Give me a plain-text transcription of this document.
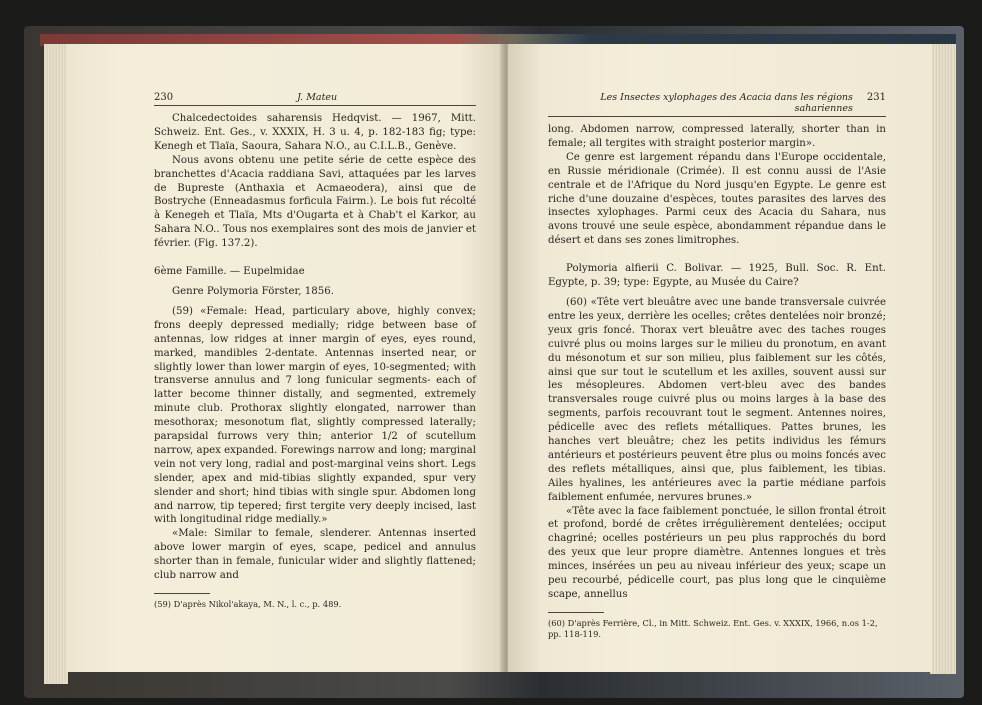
230	J. Mateu

Chalcedectoides saharensis Hedqvist. — 1967, Mitt. Schweiz. Ent. Ges., v. XXXIX, H. 3 u. 4, p. 182-183 fig; type: Kenegh et Tlaïa, Saoura, Sahara N.O., au C.I.L.B., Genève.

Nous avons obtenu une petite série de cette espèce des branchettes d'Acacia raddiana Savi, attaquées par les larves de Bupreste (Anthaxia et Acmaeodera), ainsi que de Bostryche (Enneadasmus forficula Fairm.). Le bois fut récolté à Kenegeh et Tlaïa, Mts d'Ougarta et à Chab't el Karkor, au Sahara N.O.. Tous nos exemplaires sont des mois de janvier et février. (Fig. 137.2).

6ème Famille. — Eupelmidae

Genre Polymoria Förster, 1856.

(59) «Female: Head, particulary above, highly convex; frons deeply depressed medially; ridge between base of antennas, low ridges at inner margin of eyes, eyes round, marked, mandibles 2-dentate. Antennas inserted near, or slightly lower than lower margin of eyes, 10-segmented; with transverse annulus and 7 long funicular segments- each of latter become thinner distally, and segmented, extremely minute club. Prothorax slightly elongated, narrower than mesothorax; mesonotum flat, slightly compressed laterally; parapsidal furrows very thin; anterior 1/2 of scutellum narrow, apex expanded. Forewings narrow and long; marginal vein not very long, radial and post-marginal veins short. Legs slender, apex and mid-tibias slightly expanded, spur very slender and short; hind tibias with single spur. Abdomen long and narrow, tip tepered; first tergite very deeply incised, last with longitudinal ridge medially.»

«Male: Similar to female, slenderer. Antennas inserted above lower margin of eyes, scape, pedicel and annulus shorter than in female, funicular wider and slightly flattened; club narrow and

(59) D'après Nikol'akaya, M. N., l. c., p. 489.
Les Insectes xylophages des Acacia dans les régions sahariennes
231

long. Abdomen narrow, compressed laterally, shorter than in female; all tergites with straight posterior margin».

Ce genre est largement répandu dans l'Europe occidentale, en Russie méridionale (Crimée). Il est connu aussi de l'Asie centrale et de l'Afrique du Nord jusqu'en Egypte. Le genre est riche d'une douzaine d'espèces, toutes parasites des larves des insectes xylophages. Parmi ceux des Acacia du Sahara, nus avons trouvé une seule espèce, abondamment répandue dans le désert et dans ses zones limitrophes.

Polymoria alfierii C. Bolivar. — 1925, Bull. Soc. R. Ent. Egypte, p. 39; type: Egypte, au Musée du Caire?

(60) «Tête vert bleuâtre avec une bande transversale cuivrée entre les yeux, derrière les ocelles; crêtes dentelées noir bronzé; yeux gris foncé. Thorax vert bleuâtre avec des taches rouges cuivré plus ou moins larges sur le milieu du pronotum, en avant du mésonotum et sur son milieu, plus faiblement sur les côtés, ainsi que sur tout le scutellum et les axilles, souvent aussi sur les mésopleures. Abdomen vert-bleu avec des bandes transversales rouge cuivré plus ou moins larges à la base des segments, parfois recouvrant tout le segment. Antennes noires, pédicelle avec des reflets métalliques. Pattes brunes, les hanches vert bleuâtre; chez les petits individus les fémurs antérieurs et postérieurs peuvent être plus ou moins foncés avec des reflets métalliques, ainsi que, plus faiblement, les tibias. Ailes hyalines, les antérieures avec la partie médiane parfois faiblement enfumée, nervures brunes.»

«Tête avec la face faiblement ponctuée, le sillon frontal étroit et profond, bordé de crêtes irrégulièrement dentelées; occiput chagriné; ocelles postérieurs un peu plus rapprochés du bord des yeux que leur propre diamètre. Antennes longues et très minces, insérées un peu au niveau inférieur des yeux; scape un peu recourbé, pédicelle court, pas plus long que le cinquième scape, annellus

(60) D'après Ferrière, Cl., in Mitt. Schweiz. Ent. Ges. v. XXXIX, 1966, n.os 1-2, pp. 118-119.
